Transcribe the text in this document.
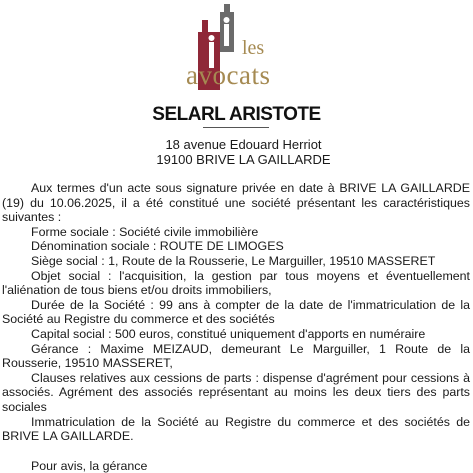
les
avocats
SELARL ARISTOTE
18 avenue Edouard Herriot
19100 BRIVE LA GAILLARDE

Aux termes d'un acte sous signature privée en date à BRIVE LA GAILLARDE (19) du 10.06.2025, il a été constitué une société présentant les caractéristiques suivantes :

Forme sociale : Société civile immobilière

Dénomination sociale : ROUTE DE LIMOGES

Siège social : 1, Route de la Rousserie, Le Marguiller, 19510 MASSERET

Objet social : l'acquisition, la gestion par tous moyens et éventuellement l'aliénation de tous biens et/ou droits immobiliers,

Durée de la Société : 99 ans à compter de la date de l'immatriculation de la Société au Registre du commerce et des sociétés

Capital social : 500 euros, constitué uniquement d'apports en numéraire

Gérance : Maxime MEIZAUD, demeurant Le Marguiller, 1 Route de la Rousserie, 19510 MASSERET,

Clauses relatives aux cessions de parts : dispense d'agrément pour cessions à associés. Agrément des associés représentant au moins les deux tiers des parts sociales

Immatriculation de la Société au Registre du commerce et des sociétés de BRIVE LA GAILLARDE.

Pour avis, la gérance
